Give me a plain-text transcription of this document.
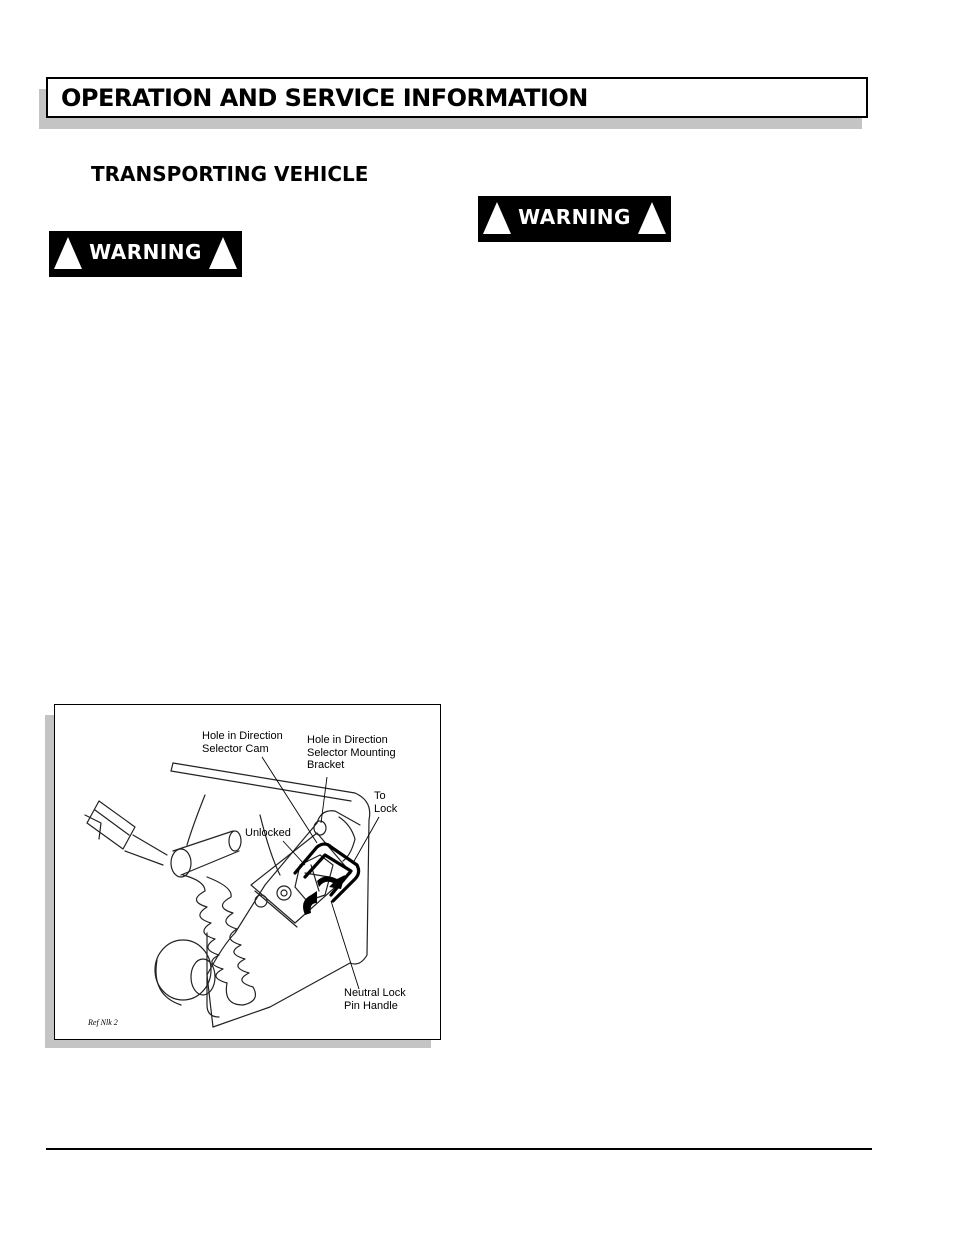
OPERATION AND SERVICE INFORMATION
TRANSPORTING VEHICLE
WARNING
WARNING
Hole in Direction
Selector Cam
Hole in Direction
Selector Mounting
Bracket
To
Lock
Unlocked
Neutral Lock
Pin Handle
Ref Nlk 2
